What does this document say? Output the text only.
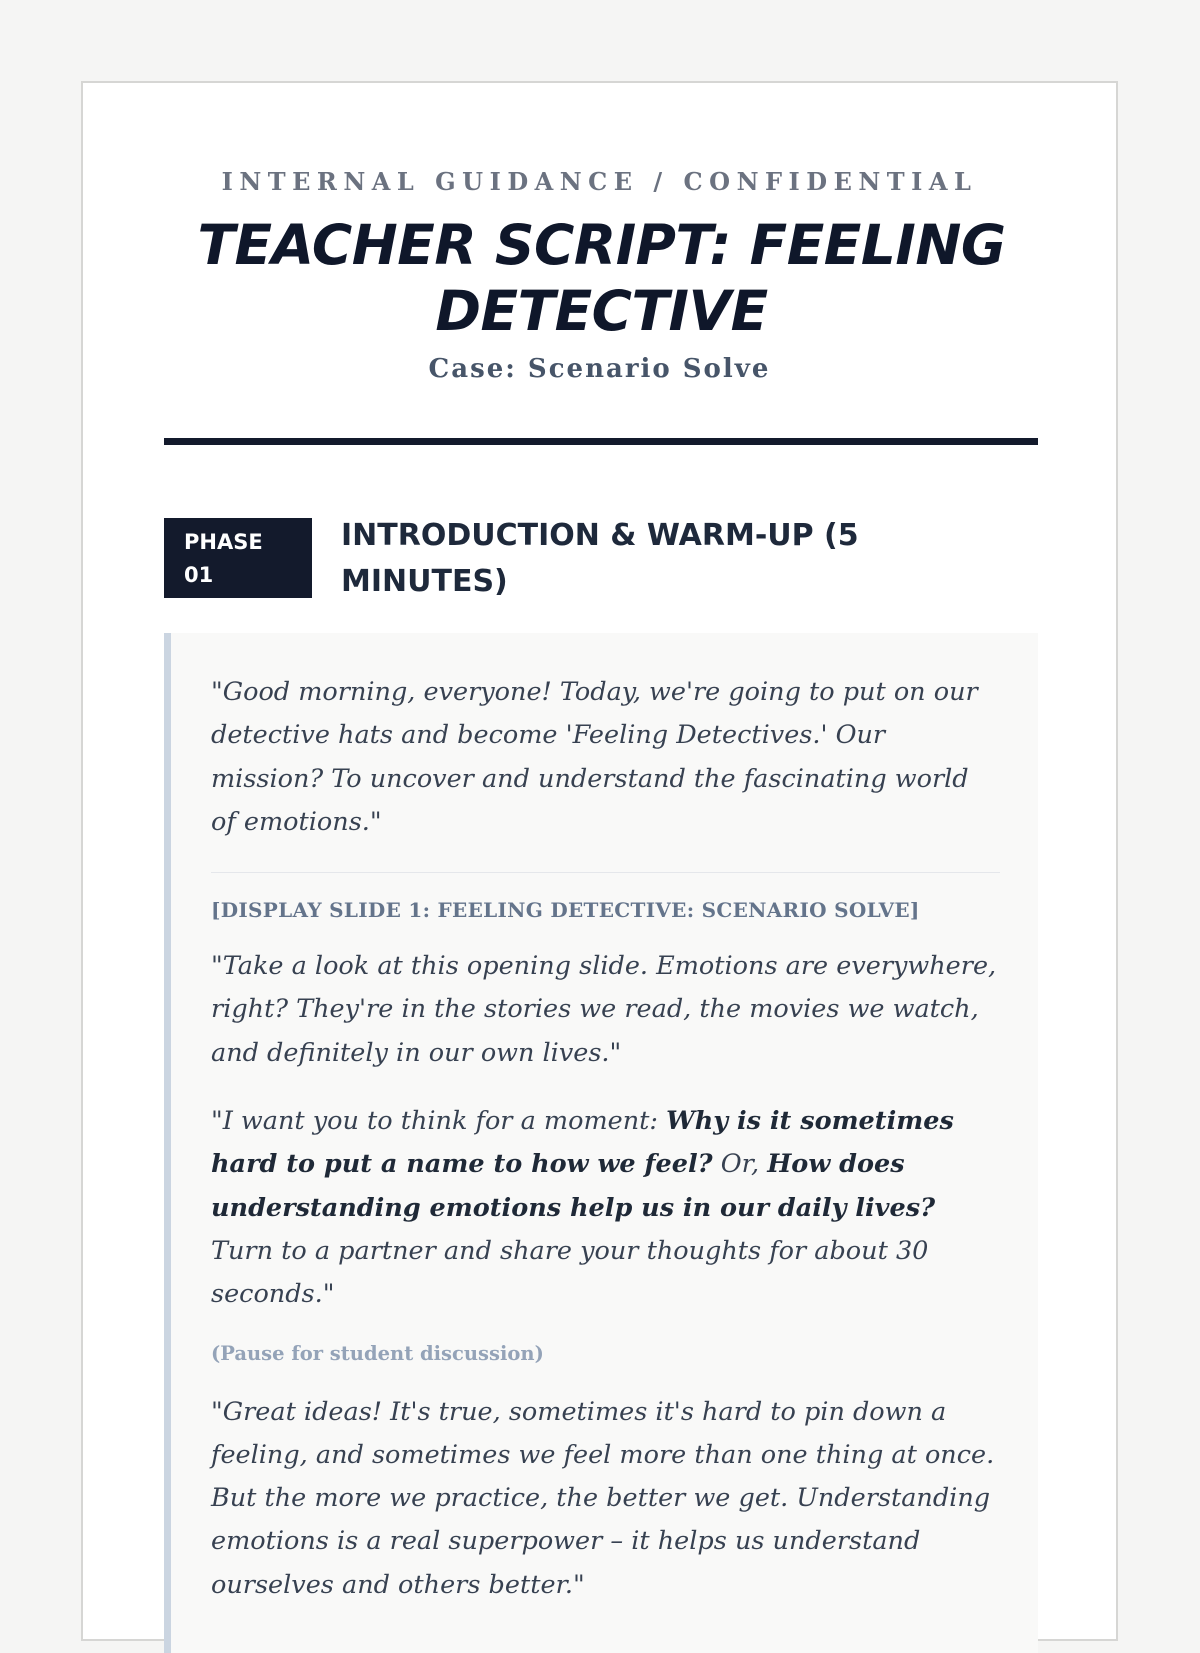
INTERNAL GUIDANCE / CONFIDENTIAL
TEACHER SCRIPT: FEELING DETECTIVE
Case: Scenario Solve
PHASE
01
INTRODUCTION & WARM-UP (5 MINUTES)

"Good morning, everyone! Today, we're going to put on our detective hats and become 'Feeling Detectives.' Our mission? To uncover and understand the fascinating world of emotions."

[DISPLAY SLIDE 1: FEELING DETECTIVE: SCENARIO SOLVE]

"Take a look at this opening slide. Emotions are everywhere, right? They're in the stories we read, the movies we watch, and definitely in our own lives."

"I want you to think for a moment: Why is it sometimes hard to put a name to how we feel? Or, How does understanding emotions help us in our daily lives? Turn to a partner and share your thoughts for about 30 seconds."

(Pause for student discussion)

"Great ideas! It's true, sometimes it's hard to pin down a feeling, and sometimes we feel more than one thing at once. But the more we practice, the better we get. Understanding emotions is a real superpower – it helps us understand ourselves and others better."
